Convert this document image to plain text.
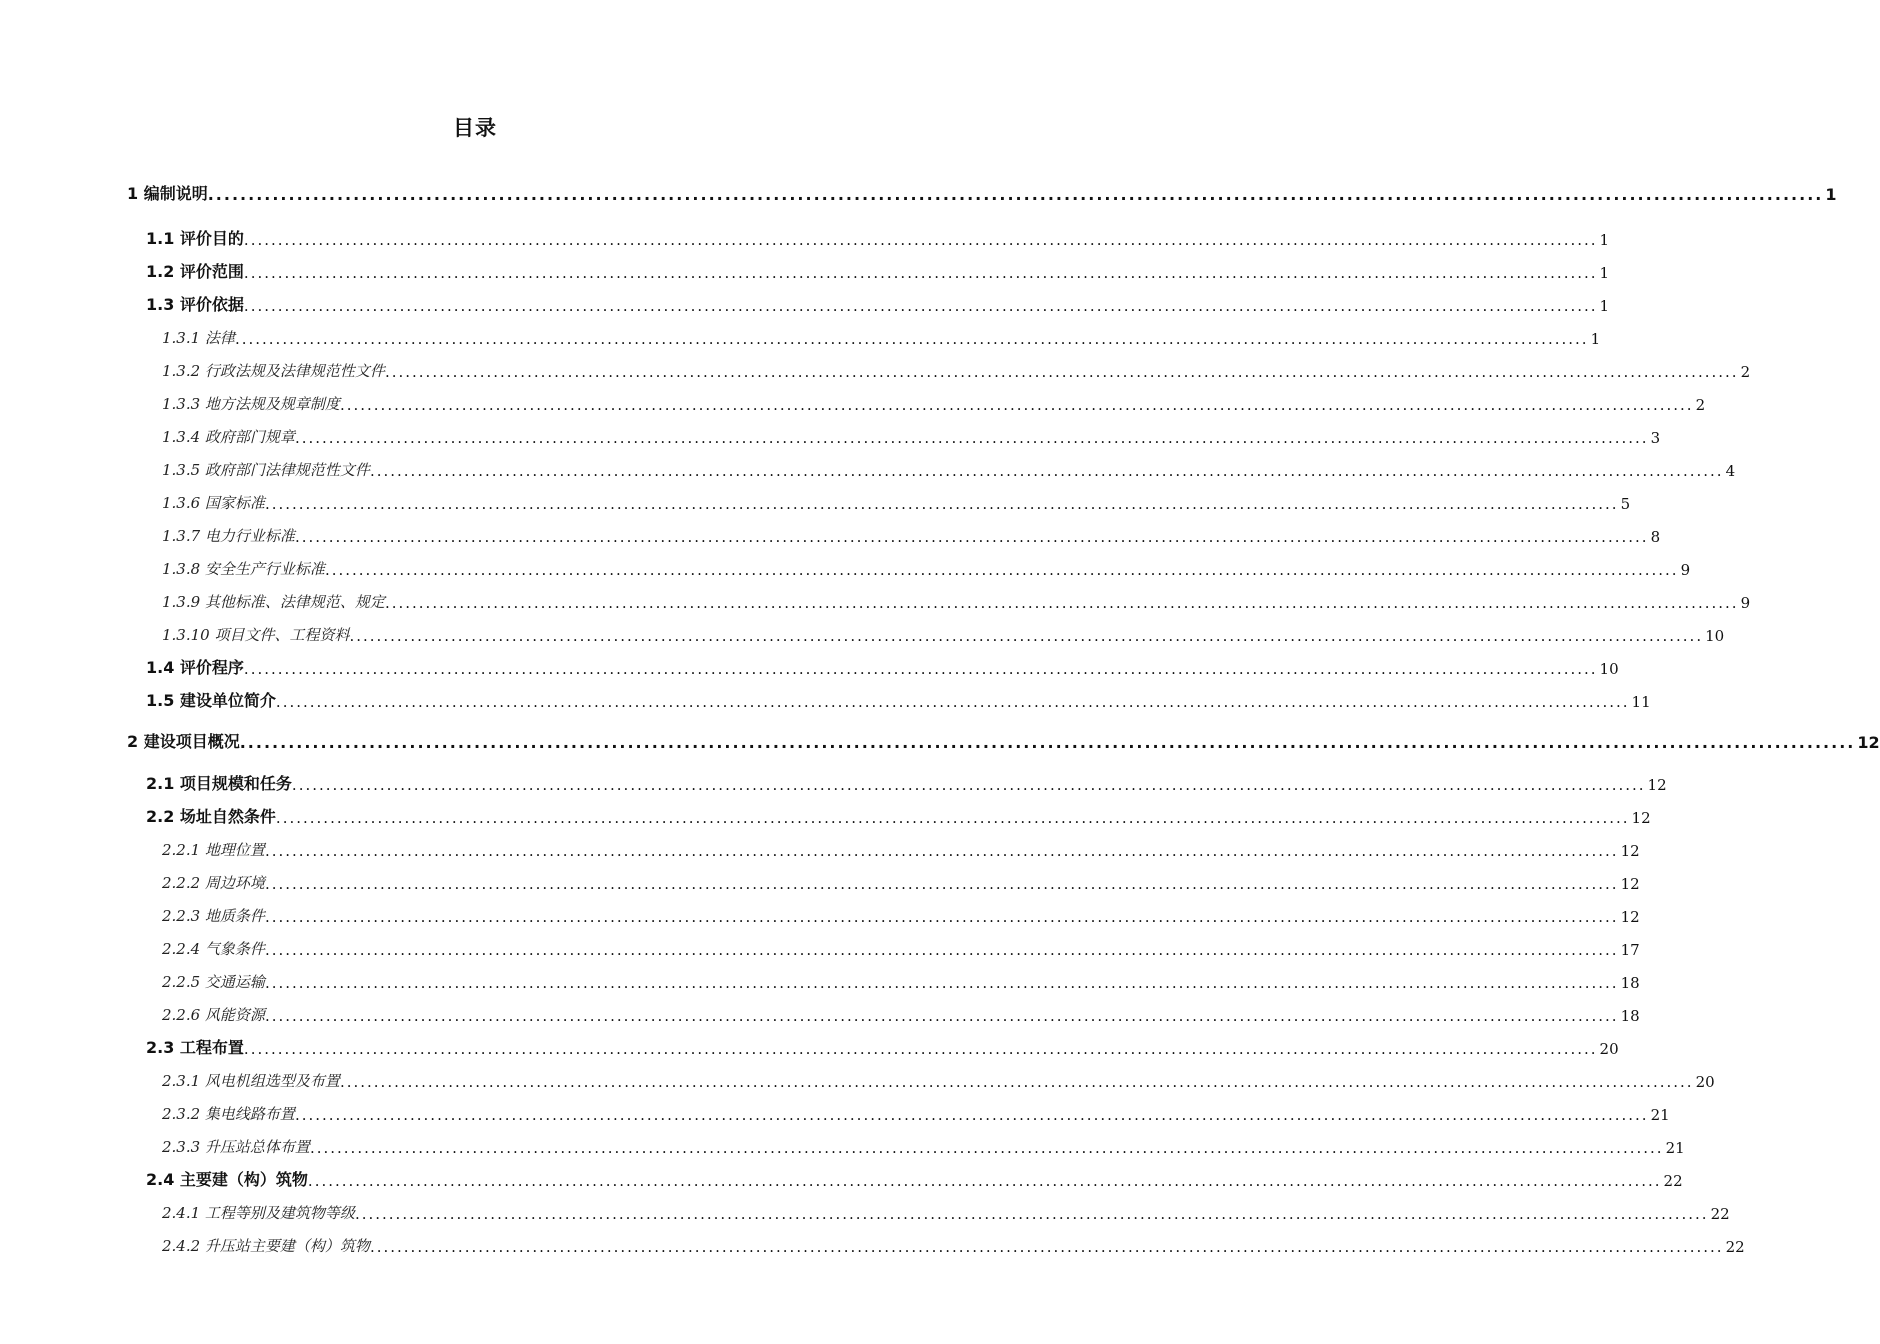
目录
1 编制说明 ........................................................................................................................................................................................................ 1
1.1 评价目的 ........................................................................................................................................................................................................ 1
1.2 评价范围 ........................................................................................................................................................................................................ 1
1.3 评价依据 ........................................................................................................................................................................................................ 1
1.3.1 法律 ........................................................................................................................................................................................................ 1
1.3.2 行政法规及法律规范性文件 ........................................................................................................................................................................................................ 2
1.3.3 地方法规及规章制度 ........................................................................................................................................................................................................ 2
1.3.4 政府部门规章 ........................................................................................................................................................................................................ 3
1.3.5 政府部门法律规范性文件 ........................................................................................................................................................................................................ 4
1.3.6 国家标准 ........................................................................................................................................................................................................ 5
1.3.7 电力行业标准 ........................................................................................................................................................................................................ 8
1.3.8 安全生产行业标准 ........................................................................................................................................................................................................ 9
1.3.9 其他标准、法律规范、规定 ........................................................................................................................................................................................................ 9
1.3.10 项目文件、工程资料 ........................................................................................................................................................................................................ 10
1.4 评价程序 ........................................................................................................................................................................................................ 10
1.5 建设单位简介 ........................................................................................................................................................................................................ 11
2 建设项目概况 ........................................................................................................................................................................................................ 12
2.1 项目规模和任务 ........................................................................................................................................................................................................ 12
2.2 场址自然条件 ........................................................................................................................................................................................................ 12
2.2.1 地理位置 ........................................................................................................................................................................................................ 12
2.2.2 周边环境 ........................................................................................................................................................................................................ 12
2.2.3 地质条件 ........................................................................................................................................................................................................ 12
2.2.4 气象条件 ........................................................................................................................................................................................................ 17
2.2.5 交通运输 ........................................................................................................................................................................................................ 18
2.2.6 风能资源 ........................................................................................................................................................................................................ 18
2.3 工程布置 ........................................................................................................................................................................................................ 20
2.3.1 风电机组选型及布置 ........................................................................................................................................................................................................ 20
2.3.2 集电线路布置 ........................................................................................................................................................................................................ 21
2.3.3 升压站总体布置 ........................................................................................................................................................................................................ 21
2.4 主要建（构）筑物 ........................................................................................................................................................................................................ 22
2.4.1 工程等别及建筑物等级 ........................................................................................................................................................................................................ 22
2.4.2 升压站主要建（构）筑物 ........................................................................................................................................................................................................ 22
